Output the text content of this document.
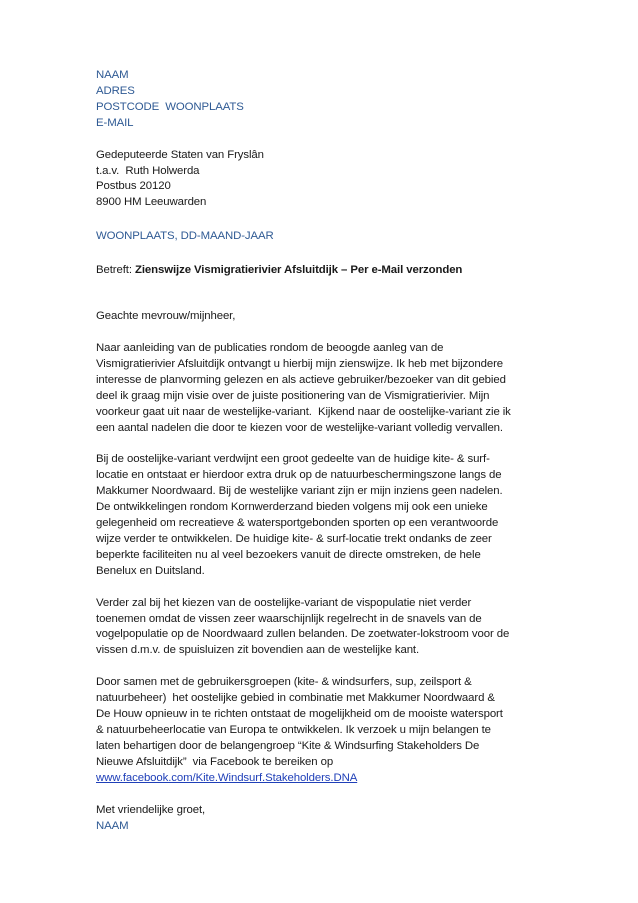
NAAM
ADRES
POSTCODE  WOONPLAATS
E-MAIL
Gedeputeerde Staten van Fryslân
t.a.v.  Ruth Holwerda
Postbus 20120
8900 HM Leeuwarden
WOONPLAATS, DD-MAAND-JAAR
Betreft: Zienswijze Vismigratierivier Afsluitdijk – Per e-Mail verzonden
Geachte mevrouw/mijnheer,

Naar aanleiding van de publicaties rondom de beoogde aanleg van de
Vismigratierivier Afsluitdijk ontvangt u hierbij mijn zienswijze. Ik heb met bijzondere
interesse de planvorming gelezen en als actieve gebruiker/bezoeker van dit gebied
deel ik graag mijn visie over de juiste positionering van de Vismigratierivier. Mijn
voorkeur gaat uit naar de westelijke-variant.  Kijkend naar de oostelijke-variant zie ik
een aantal nadelen die door te kiezen voor de westelijke-variant volledig vervallen.

Bij de oostelijke-variant verdwijnt een groot gedeelte van de huidige kite- & surf-
locatie en ontstaat er hierdoor extra druk op de natuurbeschermingszone langs de
Makkumer Noordwaard. Bij de westelijke variant zijn er mijn inziens geen nadelen.
De ontwikkelingen rondom Kornwerderzand bieden volgens mij ook een unieke
gelegenheid om recreatieve & watersportgebonden sporten op een verantwoorde
wijze verder te ontwikkelen. De huidige kite- & surf-locatie trekt ondanks de zeer
beperkte faciliteiten nu al veel bezoekers vanuit de directe omstreken, de hele
Benelux en Duitsland.

Verder zal bij het kiezen van de oostelijke-variant de vispopulatie niet verder
toenemen omdat de vissen zeer waarschijnlijk regelrecht in de snavels van de
vogelpopulatie op de Noordwaard zullen belanden. De zoetwater-lokstroom voor de
vissen d.m.v. de spuisluizen zit bovendien aan de westelijke kant.

Door samen met de gebruikersgroepen (kite- & windsurfers, sup, zeilsport &
natuurbeheer)  het oostelijke gebied in combinatie met Makkumer Noordwaard &
De Houw opnieuw in te richten ontstaat de mogelijkheid om de mooiste watersport
& natuurbeheerlocatie van Europa te ontwikkelen. Ik verzoek u mijn belangen te
laten behartigen door de belangengroep “Kite & Windsurfing Stakeholders De
Nieuwe Afsluitdijk”  via Facebook te bereiken op
www.facebook.com/Kite.Windsurf.Stakeholders.DNA

Met vriendelijke groet,
NAAM
